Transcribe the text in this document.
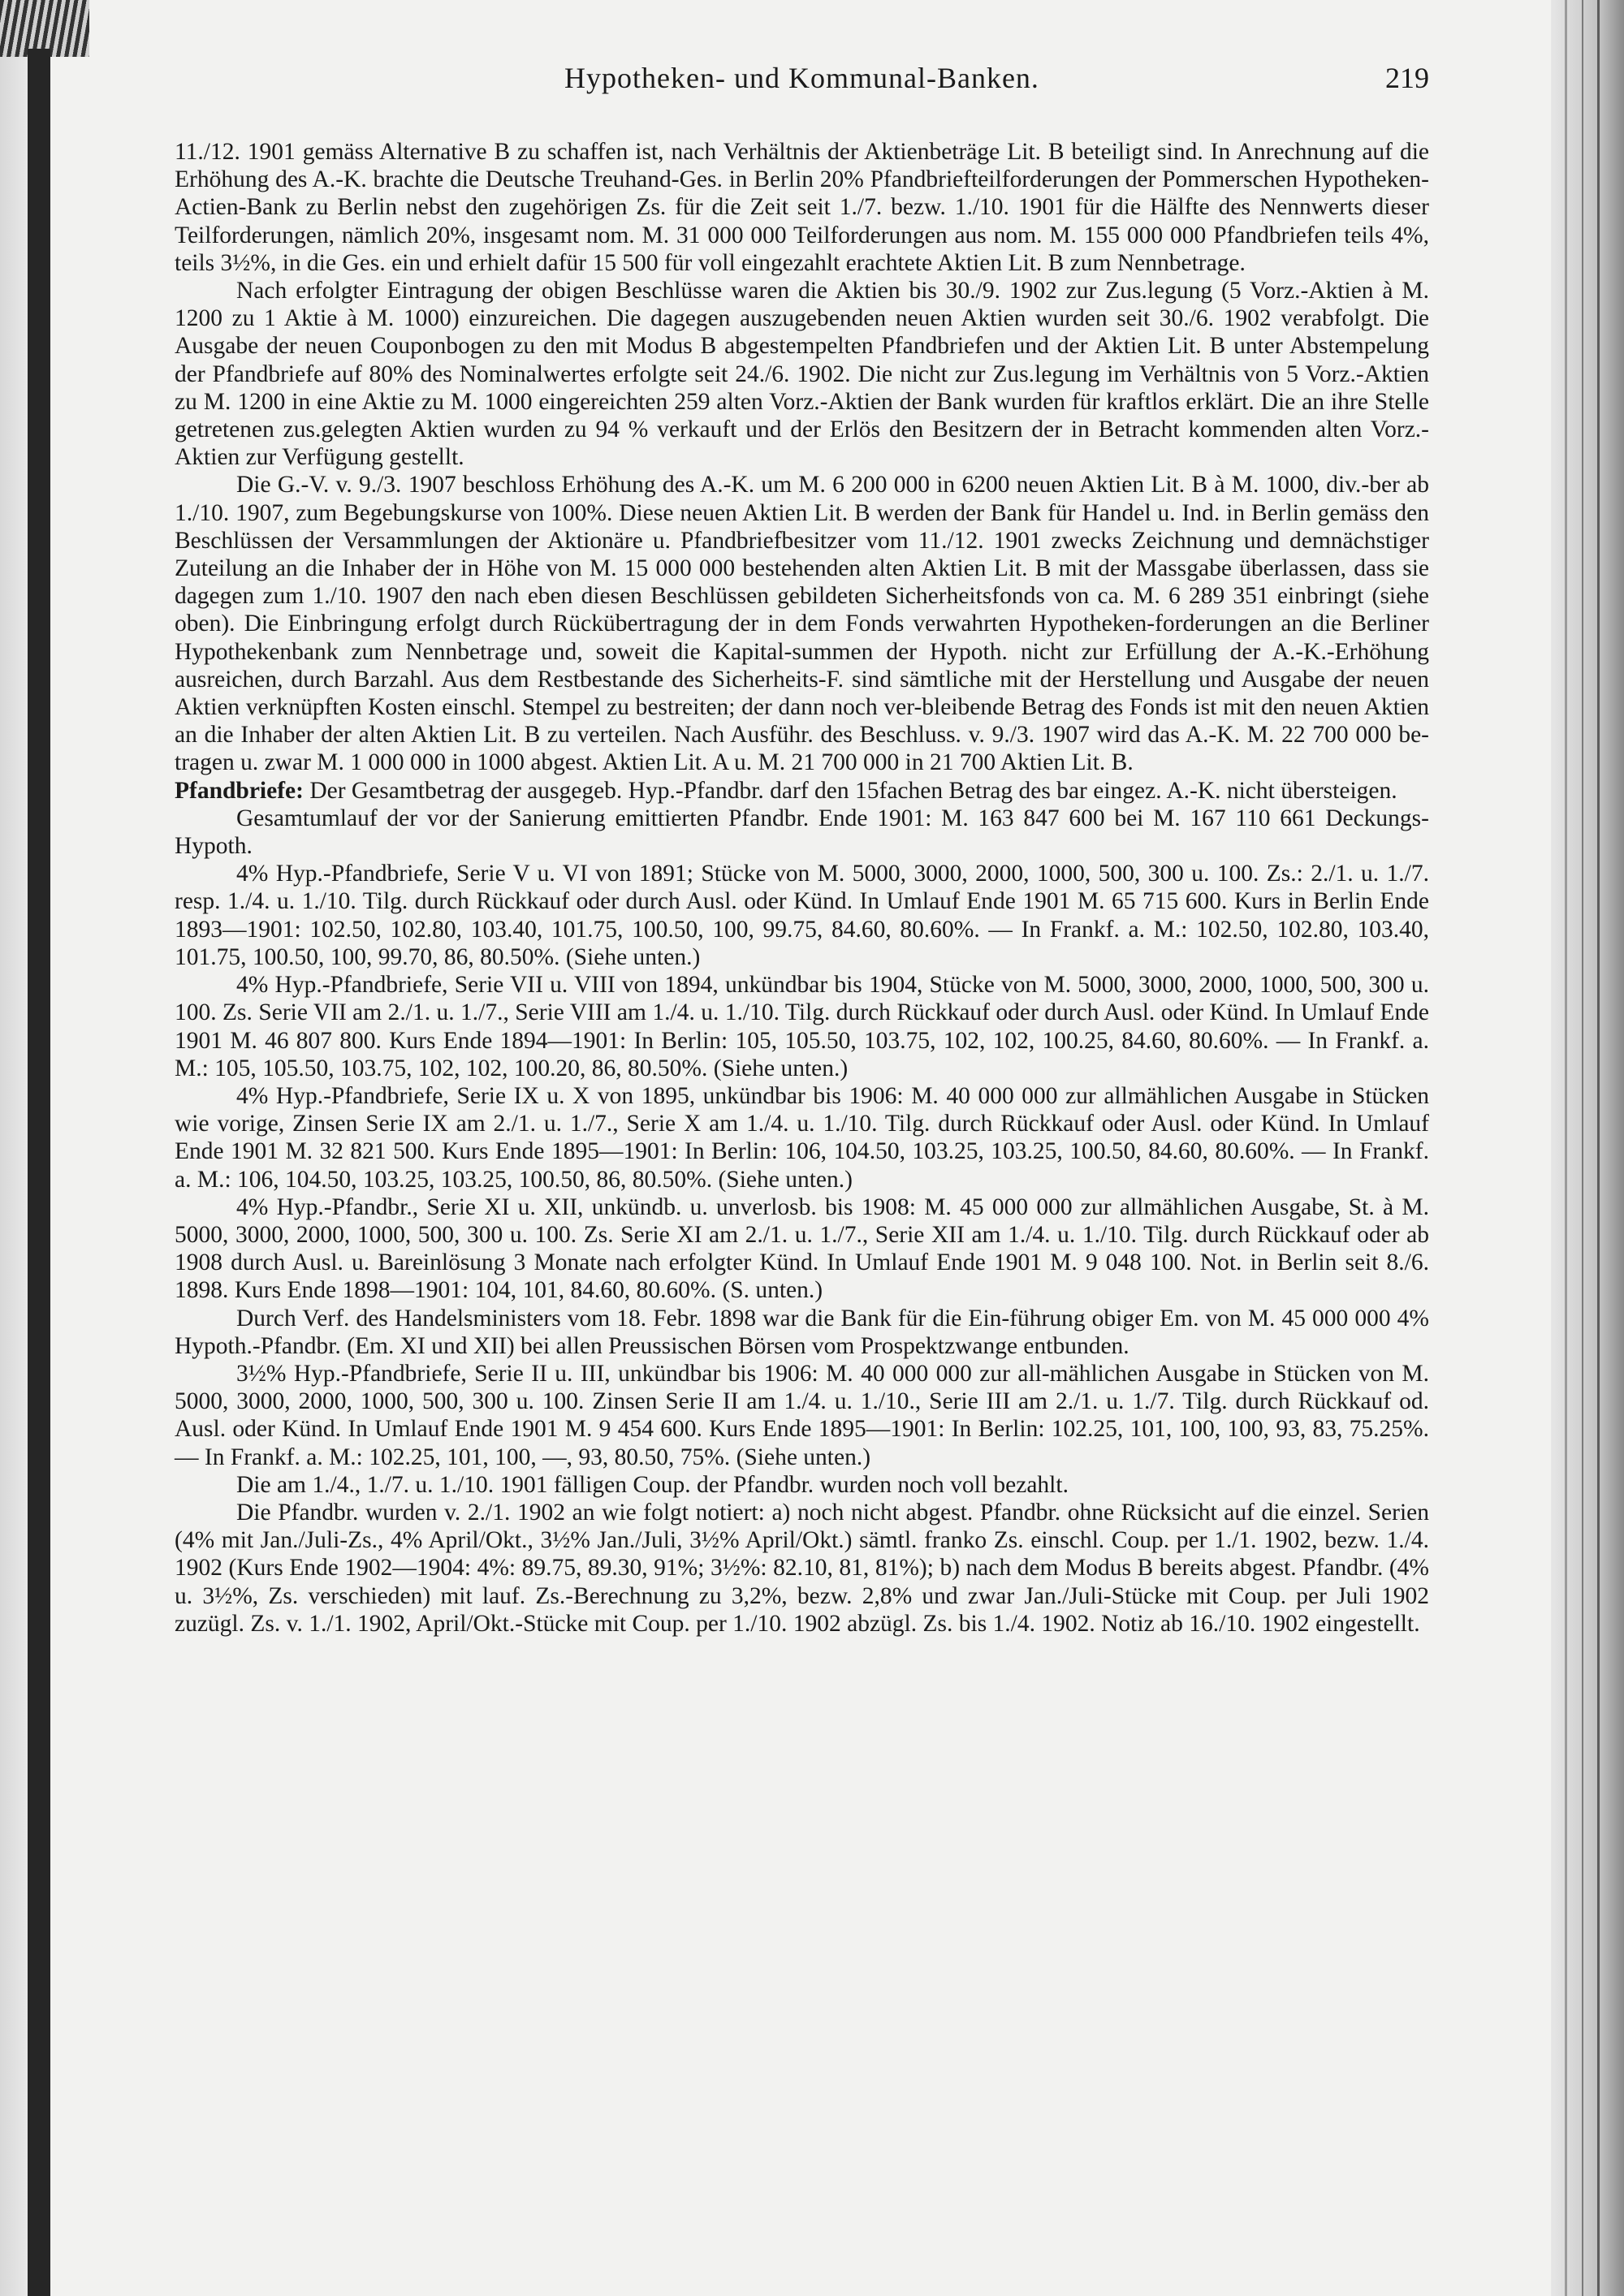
Hypotheken- und Kommunal-Banken.	219

11./12. 1901 gemäss Alternative B zu schaffen ist, nach Verhältnis der Aktienbeträge Lit. B beteiligt sind. In Anrechnung auf die Erhöhung des A.-K. brachte die Deutsche Treuhand-Ges. in Berlin 20% Pfandbriefteilforderungen der Pommerschen Hypotheken-Actien-Bank zu Berlin nebst den zugehörigen Zs. für die Zeit seit 1./7. bezw. 1./10. 1901 für die Hälfte des Nennwerts dieser Teilforderungen, nämlich 20%, insgesamt nom. M. 31 000 000 Teilforderungen aus nom. M. 155 000 000 Pfandbriefen teils 4%, teils 3½%, in die Ges. ein und erhielt dafür 15 500 für voll eingezahlt erachtete Aktien Lit. B zum Nennbetrage.

Nach erfolgter Eintragung der obigen Beschlüsse waren die Aktien bis 30./9. 1902 zur Zus.legung (5 Vorz.-Aktien à M. 1200 zu 1 Aktie à M. 1000) einzureichen. Die dagegen auszugebenden neuen Aktien wurden seit 30./6. 1902 verabfolgt. Die Ausgabe der neuen Couponbogen zu den mit Modus B abgestempelten Pfandbriefen und der Aktien Lit. B unter Abstempelung der Pfandbriefe auf 80% des Nominalwertes erfolgte seit 24./6. 1902. Die nicht zur Zus.legung im Verhältnis von 5 Vorz.-Aktien zu M. 1200 in eine Aktie zu M. 1000 eingereichten 259 alten Vorz.-Aktien der Bank wurden für kraftlos erklärt. Die an ihre Stelle getretenen zus.gelegten Aktien wurden zu 94 % verkauft und der Erlös den Besitzern der in Betracht kommenden alten Vorz.-Aktien zur Verfügung gestellt.

Die G.-V. v. 9./3. 1907 beschloss Erhöhung des A.-K. um M. 6 200 000 in 6200 neuen Aktien Lit. B à M. 1000, div.-ber ab 1./10. 1907, zum Begebungskurse von 100%. Diese neuen Aktien Lit. B werden der Bank für Handel u. Ind. in Berlin gemäss den Beschlüssen der Versammlungen der Aktionäre u. Pfandbriefbesitzer vom 11./12. 1901 zwecks Zeichnung und demnächstiger Zuteilung an die Inhaber der in Höhe von M. 15 000 000 bestehenden alten Aktien Lit. B mit der Massgabe überlassen, dass sie dagegen zum 1./10. 1907 den nach eben diesen Beschlüssen gebildeten Sicherheitsfonds von ca. M. 6 289 351 einbringt (siehe oben). Die Einbringung erfolgt durch Rückübertragung der in dem Fonds verwahrten Hypotheken-forderungen an die Berliner Hypothekenbank zum Nennbetrage und, soweit die Kapital-summen der Hypoth. nicht zur Erfüllung der A.-K.-Erhöhung ausreichen, durch Barzahl. Aus dem Restbestande des Sicherheits-F. sind sämtliche mit der Herstellung und Ausgabe der neuen Aktien verknüpften Kosten einschl. Stempel zu bestreiten; der dann noch ver-bleibende Betrag des Fonds ist mit den neuen Aktien an die Inhaber der alten Aktien Lit. B zu verteilen. Nach Ausführ. des Beschluss. v. 9./3. 1907 wird das A.-K. M. 22 700 000 be-tragen u. zwar M. 1 000 000 in 1000 abgest. Aktien Lit. A u. M. 21 700 000 in 21 700 Aktien Lit. B.

Pfandbriefe: Der Gesamtbetrag der ausgegeb. Hyp.-Pfandbr. darf den 15fachen Betrag des bar eingez. A.-K. nicht übersteigen.

Gesamtumlauf der vor der Sanierung emittierten Pfandbr. Ende 1901: M. 163 847 600 bei M. 167 110 661 Deckungs-Hypoth.

4% Hyp.-Pfandbriefe, Serie V u. VI von 1891; Stücke von M. 5000, 3000, 2000, 1000, 500, 300 u. 100. Zs.: 2./1. u. 1./7. resp. 1./4. u. 1./10. Tilg. durch Rückkauf oder durch Ausl. oder Künd. In Umlauf Ende 1901 M. 65 715 600. Kurs in Berlin Ende 1893—1901: 102.50, 102.80, 103.40, 101.75, 100.50, 100, 99.75, 84.60, 80.60%. — In Frankf. a. M.: 102.50, 102.80, 103.40, 101.75, 100.50, 100, 99.70, 86, 80.50%. (Siehe unten.)

4% Hyp.-Pfandbriefe, Serie VII u. VIII von 1894, unkündbar bis 1904, Stücke von M. 5000, 3000, 2000, 1000, 500, 300 u. 100. Zs. Serie VII am 2./1. u. 1./7., Serie VIII am 1./4. u. 1./10. Tilg. durch Rückkauf oder durch Ausl. oder Künd. In Umlauf Ende 1901 M. 46 807 800. Kurs Ende 1894—1901: In Berlin: 105, 105.50, 103.75, 102, 102, 100.25, 84.60, 80.60%. — In Frankf. a. M.: 105, 105.50, 103.75, 102, 102, 100.20, 86, 80.50%. (Siehe unten.)

4% Hyp.-Pfandbriefe, Serie IX u. X von 1895, unkündbar bis 1906: M. 40 000 000 zur allmählichen Ausgabe in Stücken wie vorige, Zinsen Serie IX am 2./1. u. 1./7., Serie X am 1./4. u. 1./10. Tilg. durch Rückkauf oder Ausl. oder Künd. In Umlauf Ende 1901 M. 32 821 500. Kurs Ende 1895—1901: In Berlin: 106, 104.50, 103.25, 103.25, 100.50, 84.60, 80.60%. — In Frankf. a. M.: 106, 104.50, 103.25, 103.25, 100.50, 86, 80.50%. (Siehe unten.)

4% Hyp.-Pfandbr., Serie XI u. XII, unkündb. u. unverlosb. bis 1908: M. 45 000 000 zur allmählichen Ausgabe, St. à M. 5000, 3000, 2000, 1000, 500, 300 u. 100. Zs. Serie XI am 2./1. u. 1./7., Serie XII am 1./4. u. 1./10. Tilg. durch Rückkauf oder ab 1908 durch Ausl. u. Bareinlösung 3 Monate nach erfolgter Künd. In Umlauf Ende 1901 M. 9 048 100. Not. in Berlin seit 8./6. 1898. Kurs Ende 1898—1901: 104, 101, 84.60, 80.60%. (S. unten.)

Durch Verf. des Handelsministers vom 18. Febr. 1898 war die Bank für die Ein-führung obiger Em. von M. 45 000 000 4% Hypoth.-Pfandbr. (Em. XI und XII) bei allen Preussischen Börsen vom Prospektzwange entbunden.

3½% Hyp.-Pfandbriefe, Serie II u. III, unkündbar bis 1906: M. 40 000 000 zur all-mählichen Ausgabe in Stücken von M. 5000, 3000, 2000, 1000, 500, 300 u. 100. Zinsen Serie II am 1./4. u. 1./10., Serie III am 2./1. u. 1./7. Tilg. durch Rückkauf od. Ausl. oder Künd. In Umlauf Ende 1901 M. 9 454 600. Kurs Ende 1895—1901: In Berlin: 102.25, 101, 100, 100, 93, 83, 75.25%. — In Frankf. a. M.: 102.25, 101, 100, —, 93, 80.50, 75%. (Siehe unten.)

Die am 1./4., 1./7. u. 1./10. 1901 fälligen Coup. der Pfandbr. wurden noch voll bezahlt.

Die Pfandbr. wurden v. 2./1. 1902 an wie folgt notiert: a) noch nicht abgest. Pfandbr. ohne Rücksicht auf die einzel. Serien (4% mit Jan./Juli-Zs., 4% April/Okt., 3½% Jan./Juli, 3½% April/Okt.) sämtl. franko Zs. einschl. Coup. per 1./1. 1902, bezw. 1./4. 1902 (Kurs Ende 1902—1904: 4%: 89.75, 89.30, 91%; 3½%: 82.10, 81, 81%); b) nach dem Modus B bereits abgest. Pfandbr. (4% u. 3½%, Zs. verschieden) mit lauf. Zs.-Berechnung zu 3,2%, bezw. 2,8% und zwar Jan./Juli-Stücke mit Coup. per Juli 1902 zuzügl. Zs. v. 1./1. 1902, April/Okt.-Stücke mit Coup. per 1./10. 1902 abzügl. Zs. bis 1./4. 1902. Notiz ab 16./10. 1902 eingestellt.
